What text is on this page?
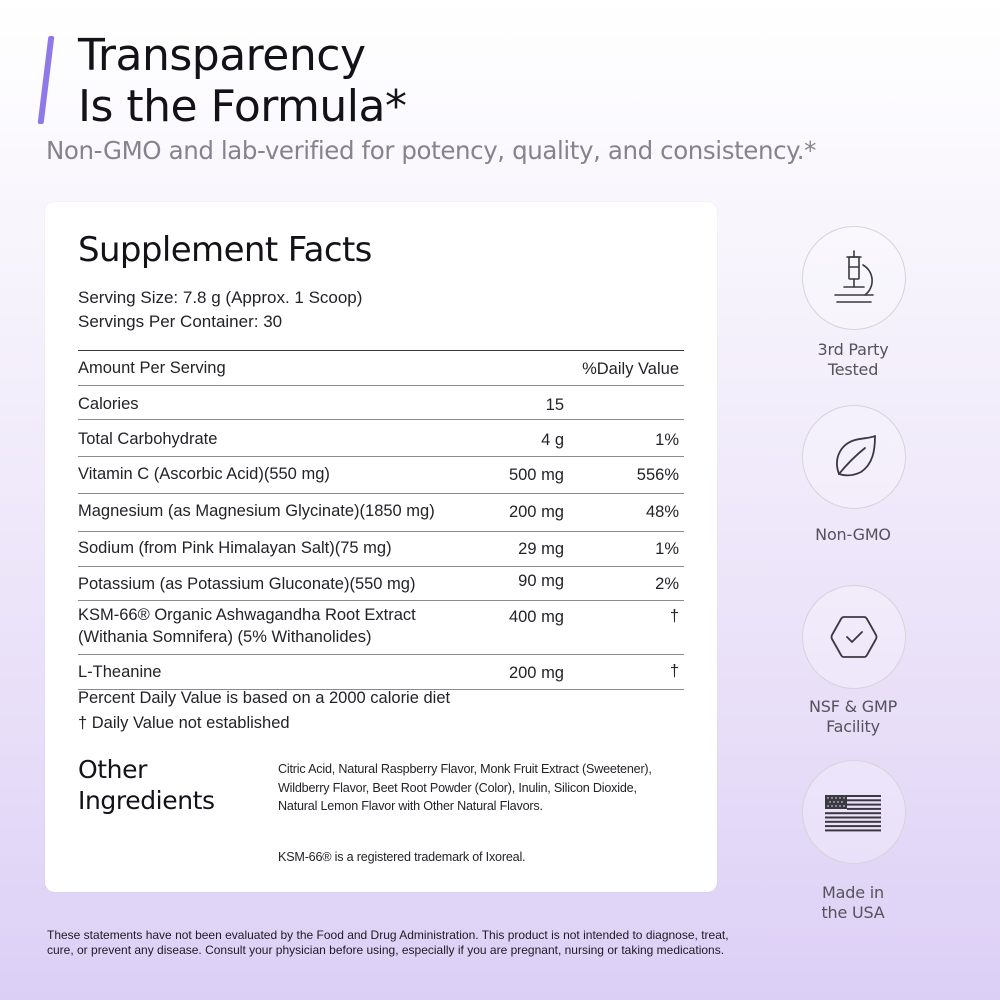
Transparency
Is the Formula*

Non-GMO and lab-verified for potency, quality, and consistency.*

Supplement Facts
Serving Size: 7.8 g (Approx. 1 Scoop)
Servings Per Container: 30
Amount Per Serving	%Daily Value
Calories	15
Total Carbohydrate	4 g	1%
Vitamin C (Ascorbic Acid)(550 mg)	500 mg	556%
Magnesium (as Magnesium Glycinate)(1850 mg)	200 mg	48%
Sodium (from Pink Himalayan Salt)(75 mg)	29 mg	1%
Potassium (as Potassium Gluconate)(550 mg)	90 mg	2%
KSM-66® Organic Ashwagandha Root Extract
(Withania Somnifera) (5% Withanolides)
400 mg	†
L-Theanine	200 mg	†
Percent Daily Value is based on a 2000 calorie diet
† Daily Value not established
Other
Ingredients

Citric Acid, Natural Raspberry Flavor, Monk Fruit Extract (Sweetener), Wildberry Flavor, Beet Root Powder (Color), Inulin, Silicon Dioxide, Natural Lemon Flavor with Other Natural Flavors.

KSM-66® is a registered trademark of Ixoreal.
3rd Party
Tested
Non-GMO
NSF & GMP
Facility
Made in
the USA

These statements have not been evaluated by the Food and Drug Administration. This product is not intended to diagnose, treat, cure, or prevent any disease. Consult your physician before using, especially if you are pregnant, nursing or taking medications.
